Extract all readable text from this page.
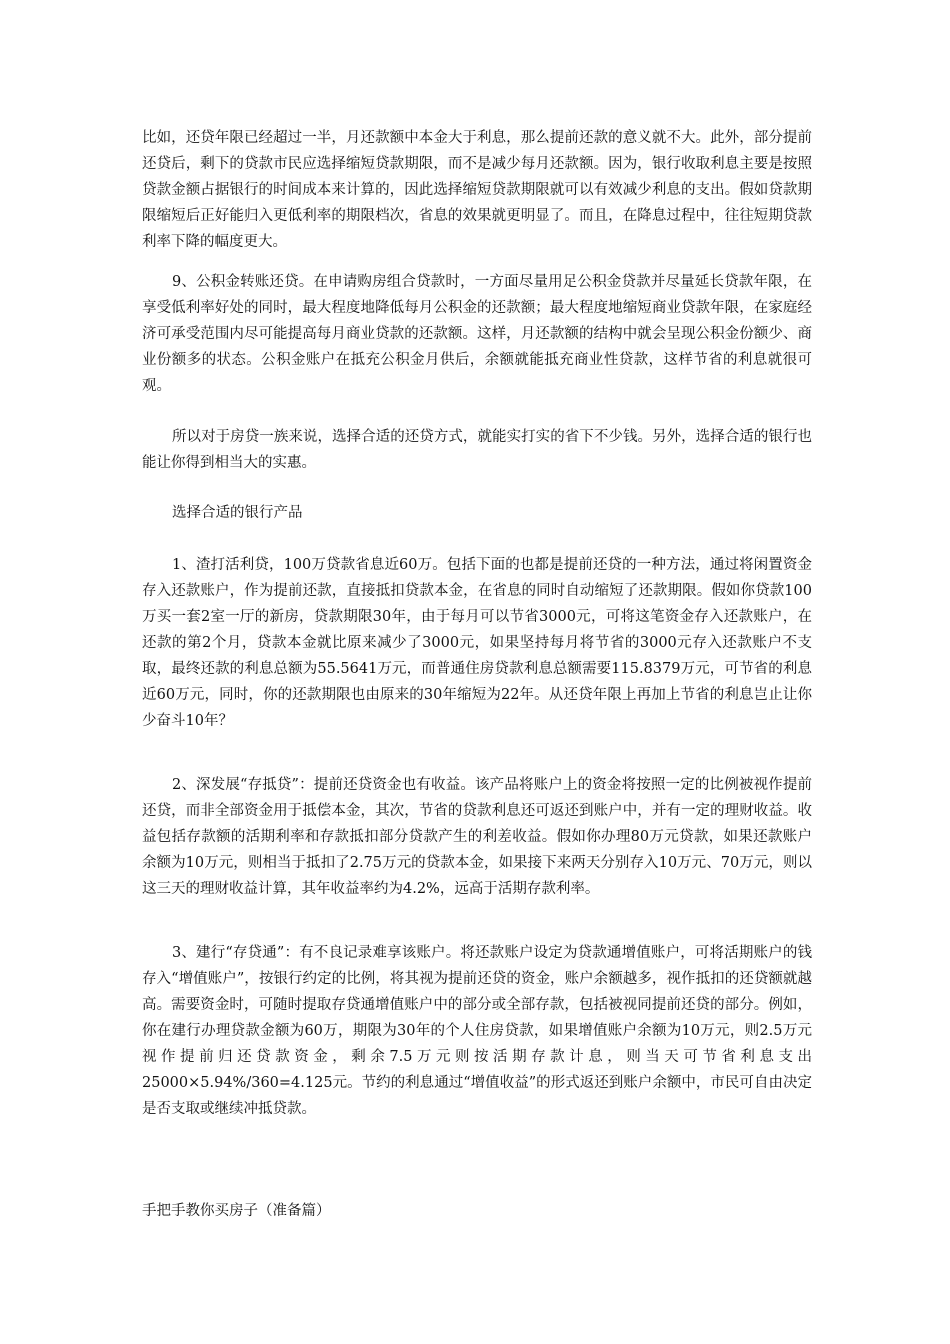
比如，还贷年限已经超过一半，月还款额中本金大于利息，那么提前还款的意义就不大。此外，部分提前还贷后，剩下的贷款市民应选择缩短贷款期限，而不是减少每月还款额。因为，银行收取利息主要是按照贷款金额占据银行的时间成本来计算的，因此选择缩短贷款期限就可以有效减少利息的支出。假如贷款期限缩短后正好能归入更低利率的期限档次，省息的效果就更明显了。而且，在降息过程中，往往短期贷款利率下降的幅度更大。

9、公积金转账还贷。在申请购房组合贷款时，一方面尽量用足公积金贷款并尽量延长贷款年限，在享受低利率好处的同时，最大程度地降低每月公积金的还款额；最大程度地缩短商业贷款年限，在家庭经济可承受范围内尽可能提高每月商业贷款的还款额。这样，月还款额的结构中就会呈现公积金份额少、商业份额多的状态。公积金账户在抵充公积金月供后，余额就能抵充商业性贷款，这样节省的利息就很可观。

所以对于房贷一族来说，选择合适的还贷方式，就能实打实的省下不少钱。另外，选择合适的银行也能让你得到相当大的实惠。

选择合适的银行产品

1、渣打活利贷，100万贷款省息近60万。包括下面的也都是提前还贷的一种方法，通过将闲置资金存入还款账户，作为提前还款，直接抵扣贷款本金，在省息的同时自动缩短了还款期限。假如你贷款100万买一套2室一厅的新房，贷款期限30年，由于每月可以节省3000元，可将这笔资金存入还款账户，在还款的第2个月，贷款本金就比原来减少了3000元，如果坚持每月将节省的3000元存入还款账户不支取，最终还款的利息总额为55.5641万元，而普通住房贷款利息总额需要115.8379万元，可节省的利息近60万元，同时，你的还款期限也由原来的30年缩短为22年。从还贷年限上再加上节省的利息岂止让你少奋斗10年？

2、深发展“存抵贷”：提前还贷资金也有收益。该产品将账户上的资金将按照一定的比例被视作提前还贷，而非全部资金用于抵偿本金，其次，节省的贷款利息还可返还到账户中，并有一定的理财收益。收益包括存款额的活期利率和存款抵扣部分贷款产生的利差收益。假如你办理80万元贷款，如果还款账户余额为10万元，则相当于抵扣了2.75万元的贷款本金，如果接下来两天分别存入10万元、70万元，则以这三天的理财收益计算，其年收益率约为4.2%，远高于活期存款利率。

3、建行“存贷通”：有不良记录难享该账户。将还款账户设定为贷款通增值账户，可将活期账户的钱存入“增值账户”，按银行约定的比例，将其视为提前还贷的资金，账户余额越多，视作抵扣的还贷额就越高。需要资金时，可随时提取存贷通增值账户中的部分或全部存款，包括被视同提前还贷的部分。例如，你在建行办理贷款金额为60万，期限为30年的个人住房贷款，如果增值账户余额为10万元，则2.5万元视作提前归还贷款资金，剩余7.5万元则按活期存款计息，则当天可节省利息支出25000×5.94%/360=4.125元。节约的利息通过“增值收益”的形式返还到账户余额中，市民可自由决定是否支取或继续冲抵贷款。

手把手教你买房子（准备篇）
